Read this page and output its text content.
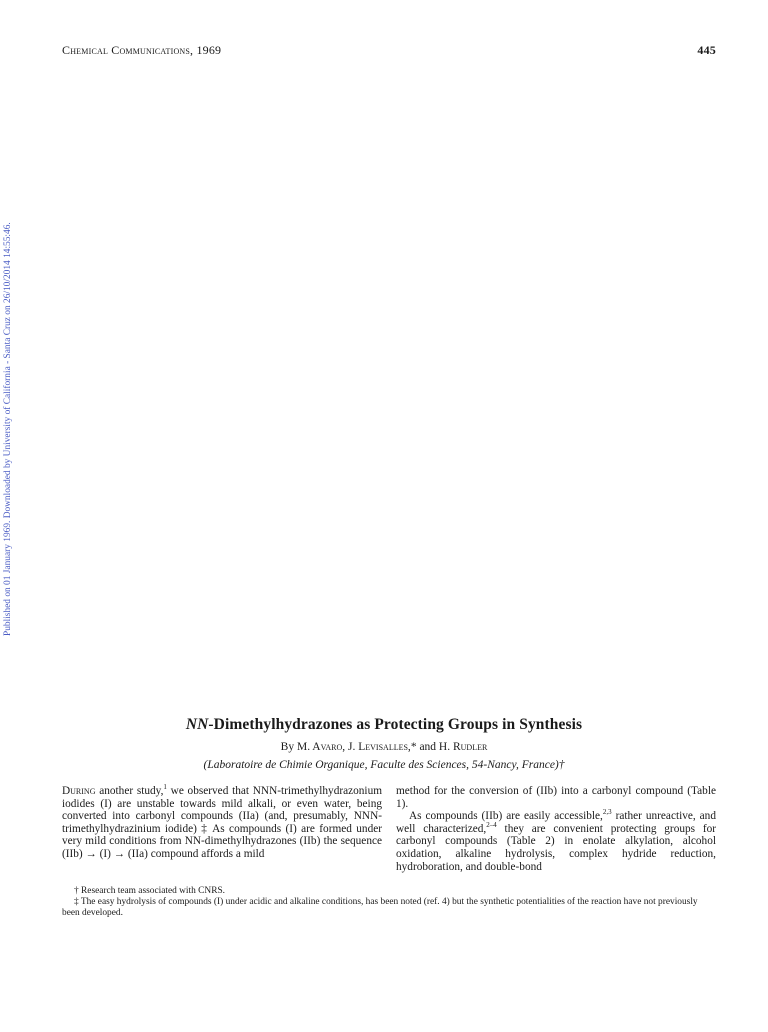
Chemical Communications, 1969	445
Published on 01 January 1969. Downloaded by University of California - Santa Cruz on 26/10/2014 14:55:46.
NN-Dimethylhydrazones as Protecting Groups in Synthesis
By M. Avaro, J. Levisalles,* and H. Rudler
(Laboratoire de Chimie Organique, Faculte des Sciences, 54-Nancy, France)†

During another study,$^1$ we observed that NNN-trimethylhydrazonium iodides (I) are unstable towards mild alkali, or even water, being converted into carbonyl compounds (IIa) (and, presumably, NNN-trimethylhydrazinium iodide) ‡ As compounds (I) are formed under very mild conditions from NN-dimethylhydrazones (IIb) the sequence (IIb) → (I) → (IIa) compound affords a mild

method for the conversion of (IIb) into a carbonyl compound (Table 1).

As compounds (IIb) are easily accessible,$^{2,3}$ rather unreactive, and well characterized,$^{2-4}$ they are convenient protecting groups for carbonyl compounds (Table 2) in enolate alkylation, alcohol oxidation, alkaline hydrolysis, complex hydride reduction, hydroboration, and double-bond

† Research team associated with CNRS.

‡ The easy hydrolysis of compounds (I) under acidic and alkaline conditions, has been noted (ref. 4) but the synthetic potentialities of the reaction have not previously been developed.
